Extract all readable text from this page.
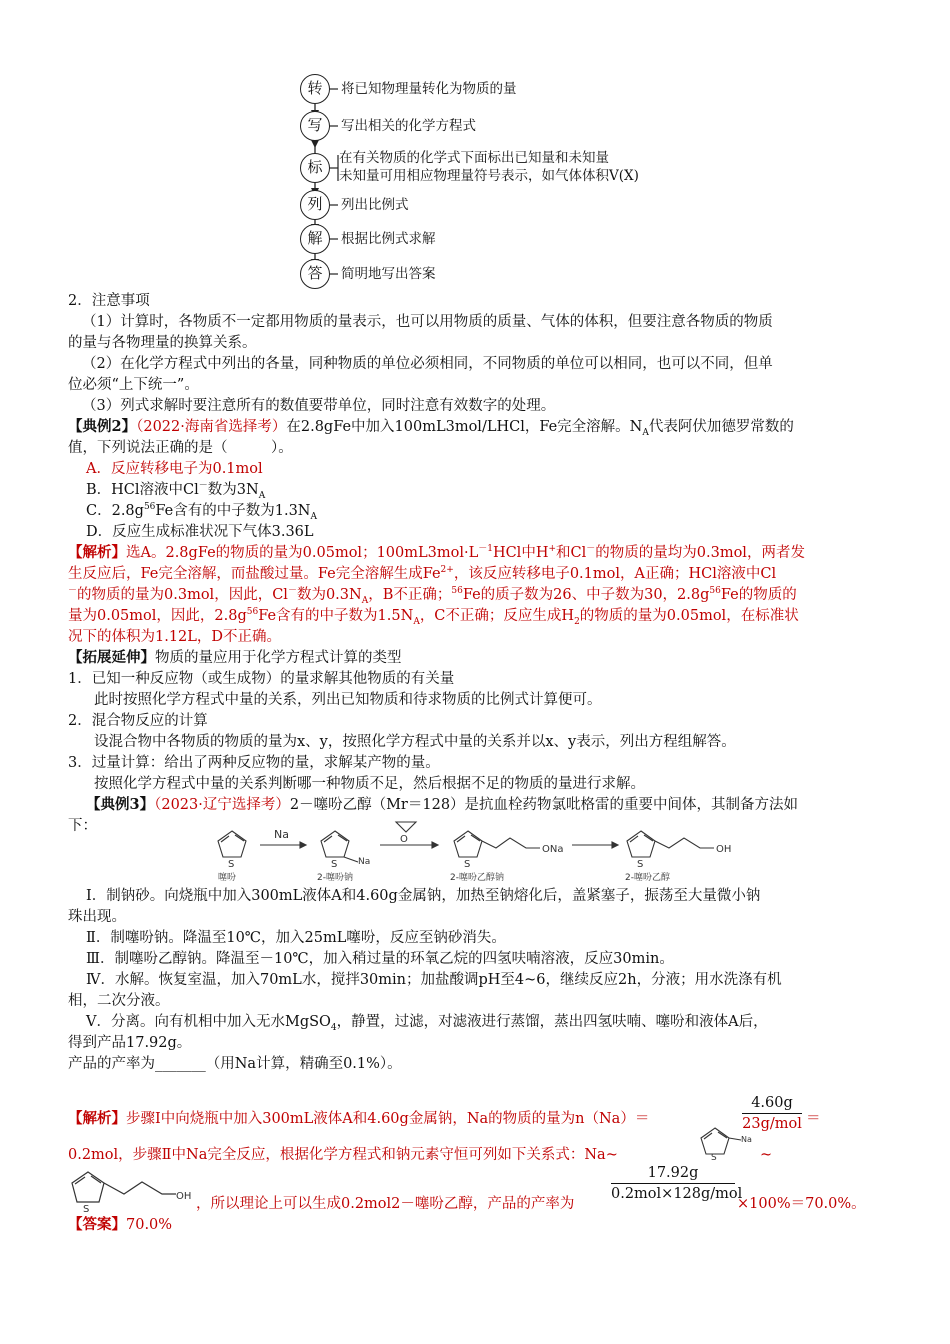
转	将已知物理量转化为物质的量
写	写出相关的化学方程式
标	在有关物质的化学式下面标出已知量和未知量
未知量可用相应物理量符号表示，如气体体积V(X)
列	列出比例式
解	根据比例式求解
答	简明地写出答案
2．注意事项
（1）计算时，各物质不一定都用物质的量表示，也可以用物质的质量、气体的体积，但要注意各物质的物质
的量与各物理量的换算关系。
（2）在化学方程式中列出的各量，同种物质的单位必须相同，不同物质的单位可以相同，也可以不同，但单
位必须“上下统一”。
（3）列式求解时要注意所有的数值要带单位，同时注意有效数字的处理。
【典例2】（2022·海南省选择考）在2.8gFe中加入100mL3mol/LHCl，Fe完全溶解。$N_A$代表阿伏加德罗常数的
值，下列说法正确的是（　　　）。
A．反应转移电子为0.1mol
B．HCl溶液中Cl－数为$3N_A$
C．$2.8g^{56}Fe$含有的中子数为$1.3N_A$
D．反应生成标准状况下气体3.36L
【解析】选A。2.8gFe的物质的量为0.05mol；$100mL3mol\cdot L^{-1}HCl$中H+和Cl－的物质的量均为0.3mol，两者发
生反应后，Fe完全溶解，而盐酸过量。Fe完全溶解生成$Fe^{2+}$，该反应转移电子0.1mol，A正确；HCl溶液中Cl
－的物质的量为0.3mol，因此，Cl－数为$0.3N_A$，B不正确；$^{56}$Fe的质子数为26、中子数为30，$2.8g^{56}Fe$的物质的
量为0.05mol，因此，$2.8g^{56}Fe$含有的中子数为$1.5N_A$，C不正确；反应生成$H_2$的物质的量为0.05mol，在标准状
况下的体积为1.12L，D不正确。
【拓展延伸】物质的量应用于化学方程式计算的类型
1．已知一种反应物（或生成物）的量求解其他物质的有关量
此时按照化学方程式中量的关系，列出已知物质和待求物质的比例式计算便可。
2．混合物反应的计算
设混合物中各物质的物质的量为x、y，按照化学方程式中量的关系并以x、y表示，列出方程组解答。
3．过量计算：给出了两种反应物的量，求解某产物的量。
按照化学方程式中量的关系判断哪一种物质不足，然后根据不足的物质的量进行求解。
【典例3】（2023·辽宁选择考）2－噻吩乙醇（Mr＝128）是抗血栓药物氯吡格雷的重要中间体，其制备方法如
下：
Na	O
S	S Na	S
ONa
S
OH
噻吩	2-噻吩钠	2-噻吩乙醇钠	2-噻吩乙醇
Ⅰ．制钠砂。向烧瓶中加入300mL液体A和4.60g金属钠，加热至钠熔化后，盖紧塞子，振荡至大量微小钠
珠出现。
Ⅱ．制噻吩钠。降温至10℃，加入25mL噻吩，反应至钠砂消失。
Ⅲ．制噻吩乙醇钠。降温至－10℃，加入稍过量的环氧乙烷的四氢呋喃溶液，反应30min。
Ⅳ．水解。恢复室温，加入70mL水，搅拌30min；加盐酸调pH至4~6，继续反应2h，分液；用水洗涤有机
相，二次分液。
Ⅴ．分离。向有机相中加入无水MgSO$_4$，静置，过滤，对滤液进行蒸馏，蒸出四氢呋喃、噻吩和液体A后，
得到产品17.92g。
产品的产率为_______（用Na计算，精确至0.1%）。
【解析】步骤Ⅰ中向烧瓶中加入300mL液体A和4.60g金属钠，Na的物质的量为n（Na）＝
4.60g
23g/mol ＝
0.2mol，步骤Ⅱ中Na完全反应，根据化学方程式和钠元素守恒可列如下关系式：Na~	S
Na
~
S
OH ，所以理论上可以生成0.2mol2－噻吩乙醇，产品的产率为
17.92g
0.2mol×128g/mol
×100%＝70.0%。
【答案】70.0%
